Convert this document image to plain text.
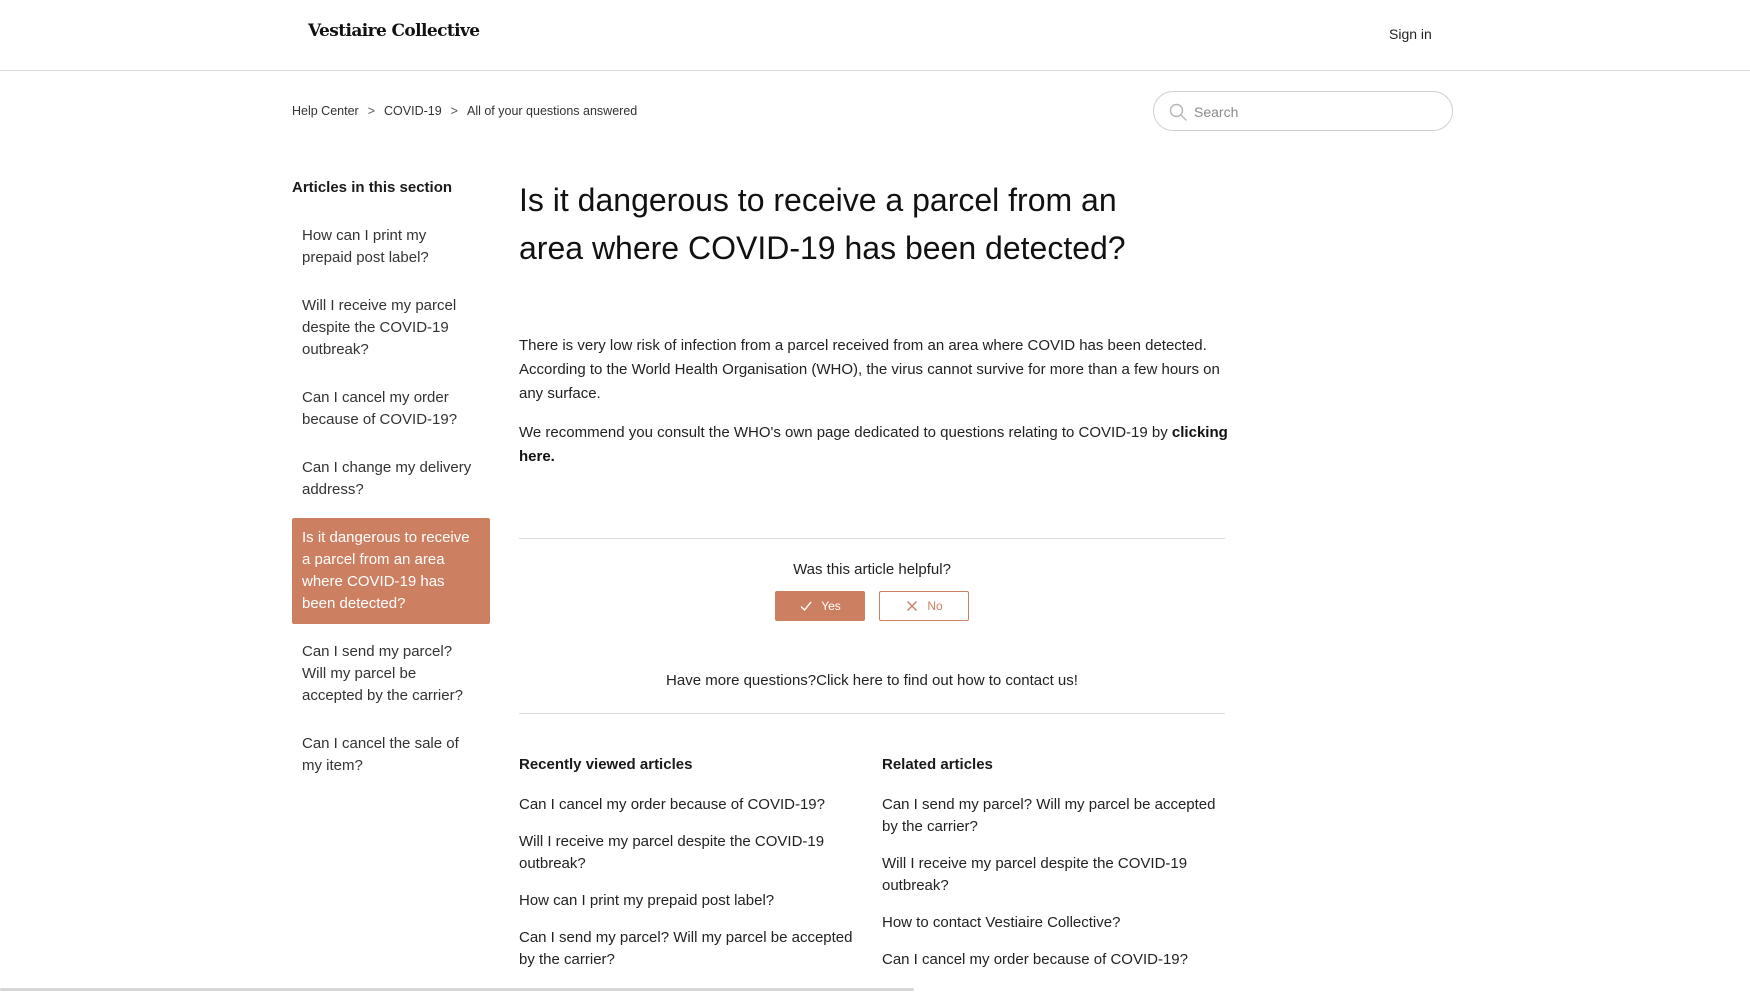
Vestiaire Collective	Sign in
Help Center > COVID-19 > All of your questions answered
Search
Articles in this section
How can I print my prepaid post label?
Will I receive my parcel despite the COVID-19 outbreak?
Can I cancel my order because of COVID-19?
Can I change my delivery address?
Is it dangerous to receive a parcel from an area where COVID-19 has been detected?
Can I send my parcel? Will my parcel be accepted by the carrier?
Can I cancel the sale of my item?
Is it dangerous to receive a parcel from an area where COVID-19 has been detected?

There is very low risk of infection from a parcel received from an area where COVID has been detected. According to the World Health Organisation (WHO), the virus cannot survive for more than a few hours on any surface.

We recommend you consult the WHO's own page dedicated to questions relating to COVID-19 by clicking here.

Was this article helpful?
Yes	No
Have more questions?Click here to find out how to contact us!
Recently viewed articles
Can I cancel my order because of COVID-19?
Will I receive my parcel despite the COVID-19 outbreak?
How can I print my prepaid post label?
Can I send my parcel? Will my parcel be accepted by the carrier?
Related articles
Can I send my parcel? Will my parcel be accepted by the carrier?
Will I receive my parcel despite the COVID-19 outbreak?
How to contact Vestiaire Collective?
Can I cancel my order because of COVID-19?
